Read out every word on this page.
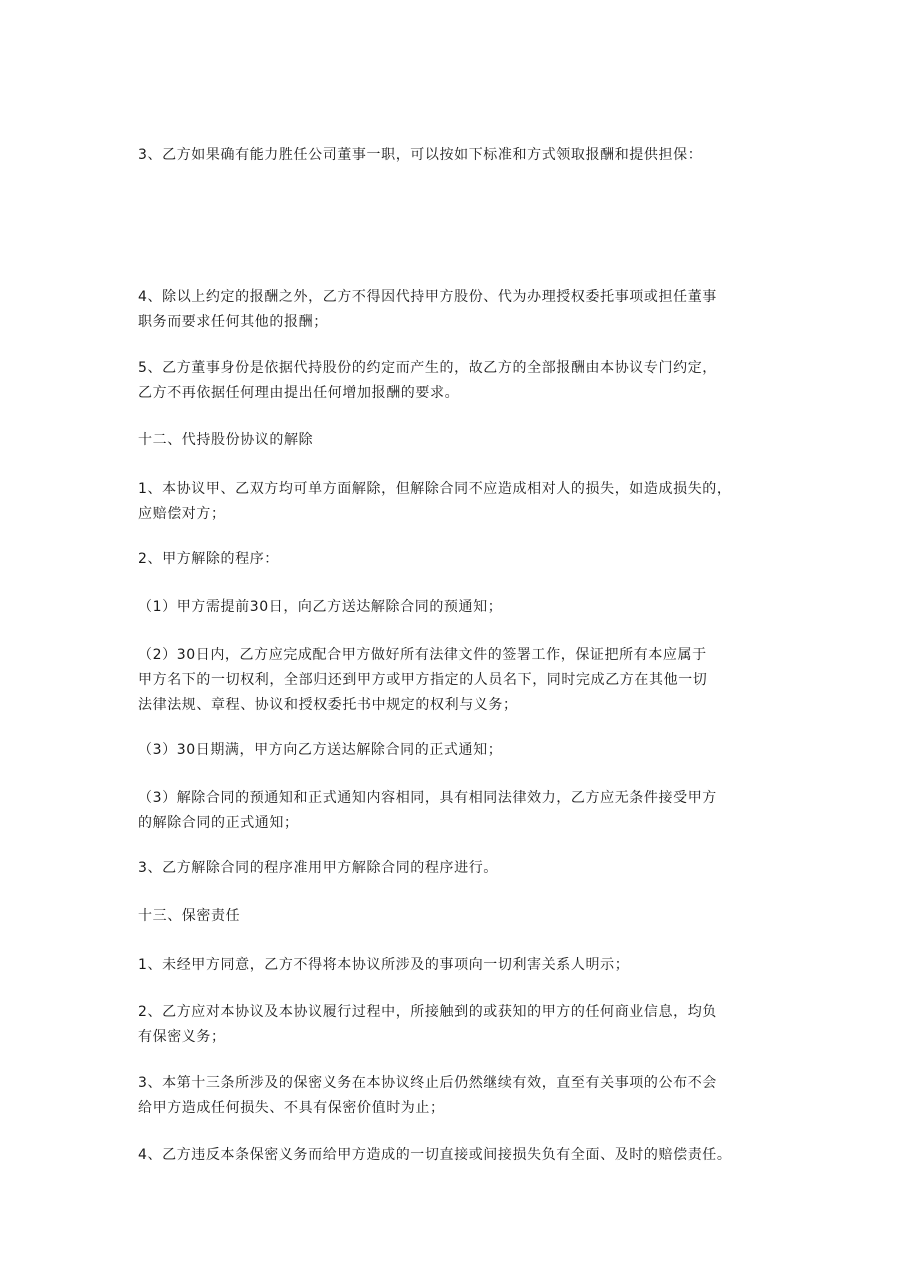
3、乙方如果确有能力胜任公司董事一职，可以按如下标准和方式领取报酬和提供担保：
4、除以上约定的报酬之外，乙方不得因代持甲方股份、代为办理授权委托事项或担任董事
职务而要求任何其他的报酬；
5、乙方董事身份是依据代持股份的约定而产生的，故乙方的全部报酬由本协议专门约定，
乙方不再依据任何理由提出任何增加报酬的要求。
十二、代持股份协议的解除
1、本协议甲、乙双方均可单方面解除，但解除合同不应造成相对人的损失，如造成损失的，
应赔偿对方；
2、甲方解除的程序：
（1）甲方需提前30日，向乙方送达解除合同的预通知；
（2）30日内，乙方应完成配合甲方做好所有法律文件的签署工作，保证把所有本应属于
甲方名下的一切权利，全部归还到甲方或甲方指定的人员名下，同时完成乙方在其他一切
法律法规、章程、协议和授权委托书中规定的权利与义务；
（3）30日期满，甲方向乙方送达解除合同的正式通知；
（3）解除合同的预通知和正式通知内容相同，具有相同法律效力，乙方应无条件接受甲方
的解除合同的正式通知；
3、乙方解除合同的程序准用甲方解除合同的程序进行。
十三、保密责任
1、未经甲方同意，乙方不得将本协议所涉及的事项向一切利害关系人明示；
2、乙方应对本协议及本协议履行过程中，所接触到的或获知的甲方的任何商业信息，均负
有保密义务；
3、本第十三条所涉及的保密义务在本协议终止后仍然继续有效，直至有关事项的公布不会
给甲方造成任何损失、不具有保密价值时为止；
4、乙方违反本条保密义务而给甲方造成的一切直接或间接损失负有全面、及时的赔偿责任。
